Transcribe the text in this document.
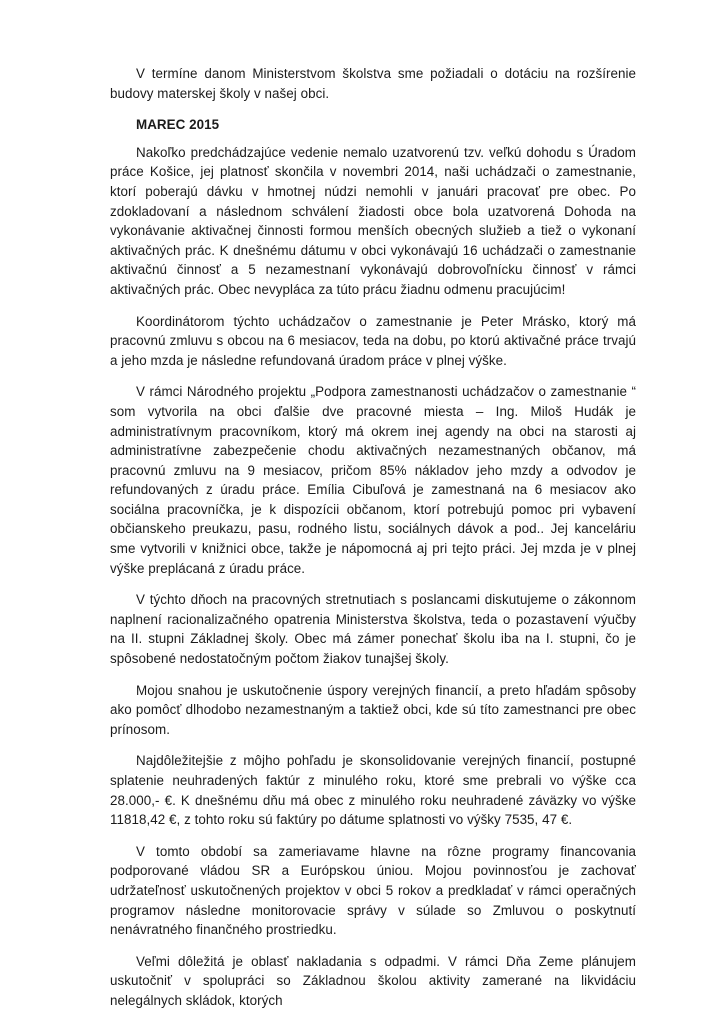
V termíne danom Ministerstvom školstva sme požiadali o dotáciu na rozšírenie budovy materskej školy v našej obci.

MAREC 2015

Nakoľko predchádzajúce vedenie nemalo uzatvorenú tzv. veľkú dohodu s Úradom práce Košice, jej platnosť skončila v novembri 2014, naši uchádzači o zamestnanie, ktorí poberajú dávku v hmotnej núdzi nemohli v januári pracovať pre obec. Po zdokladovaní a následnom schválení žiadosti obce bola uzatvorená Dohoda na vykonávanie aktivačnej činnosti formou menších obecných služieb a tiež o vykonaní aktivačných prác. K dnešnému dátumu v obci vykonávajú 16 uchádzači o zamestnanie aktivačnú činnosť a 5 nezamestnaní vykonávajú dobrovoľnícku činnosť v rámci aktivačných prác. Obec nevypláca za túto prácu žiadnu odmenu pracujúcim!

Koordinátorom týchto uchádzačov o zamestnanie je Peter Mrásko, ktorý má pracovnú zmluvu s obcou na 6 mesiacov, teda na dobu, po ktorú aktivačné práce trvajú a jeho mzda je následne refundovaná úradom práce v plnej výške.

V rámci Národného projektu „Podpora zamestnanosti uchádzačov o zamestnanie “ som vytvorila na obci ďalšie dve pracovné miesta – Ing. Miloš Hudák je administratívnym pracovníkom, ktorý má okrem inej agendy na obci na starosti aj administratívne zabezpečenie chodu aktivačných nezamestnaných občanov, má pracovnú zmluvu na 9 mesiacov, pričom 85% nákladov jeho mzdy a odvodov je refundovaných z úradu práce. Emília Cibuľová je zamestnaná na 6 mesiacov ako sociálna pracovníčka, je k dispozícii občanom, ktorí potrebujú pomoc pri vybavení občianskeho preukazu, pasu, rodného listu, sociálnych dávok a pod.. Jej kanceláriu sme vytvorili v knižnici obce, takže je nápomocná aj pri tejto práci. Jej mzda je v plnej výške preplácaná z úradu práce.

V týchto dňoch na pracovných stretnutiach s poslancami diskutujeme o zákonnom naplnení racionalizačného opatrenia Ministerstva školstva, teda o pozastavení výučby na II. stupni Základnej školy. Obec má zámer ponechať školu iba na I. stupni, čo je spôsobené nedostatočným počtom žiakov tunajšej školy.

Mojou snahou je uskutočnenie úspory verejných financií, a preto hľadám spôsoby ako pomôcť dlhodobo nezamestnaným a taktiež obci, kde sú títo zamestnanci pre obec prínosom.

Najdôležitejšie z môjho pohľadu je skonsolidovanie verejných financií, postupné splatenie neuhradených faktúr z minulého roku, ktoré sme prebrali vo výške cca 28.000,- €. K dnešnému dňu má obec z minulého roku neuhradené záväzky vo výške 11818,42 €, z tohto roku sú faktúry po dátume splatnosti vo výšky 7535, 47 €.

V tomto období sa zameriavame hlavne na rôzne programy financovania podporované vládou SR a Európskou úniou. Mojou povinnosťou je zachovať udržateľnosť uskutočnených projektov v obci 5 rokov a predkladať v rámci operačných programov následne monitorovacie správy v súlade so Zmluvou o poskytnutí nenávratného finančného prostriedku.

Veľmi dôležitá je oblasť nakladania s odpadmi. V rámci Dňa Zeme plánujem uskutočniť v spolupráci so Základnou školou aktivity zamerané na likvidáciu nelegálnych skládok, ktorých
